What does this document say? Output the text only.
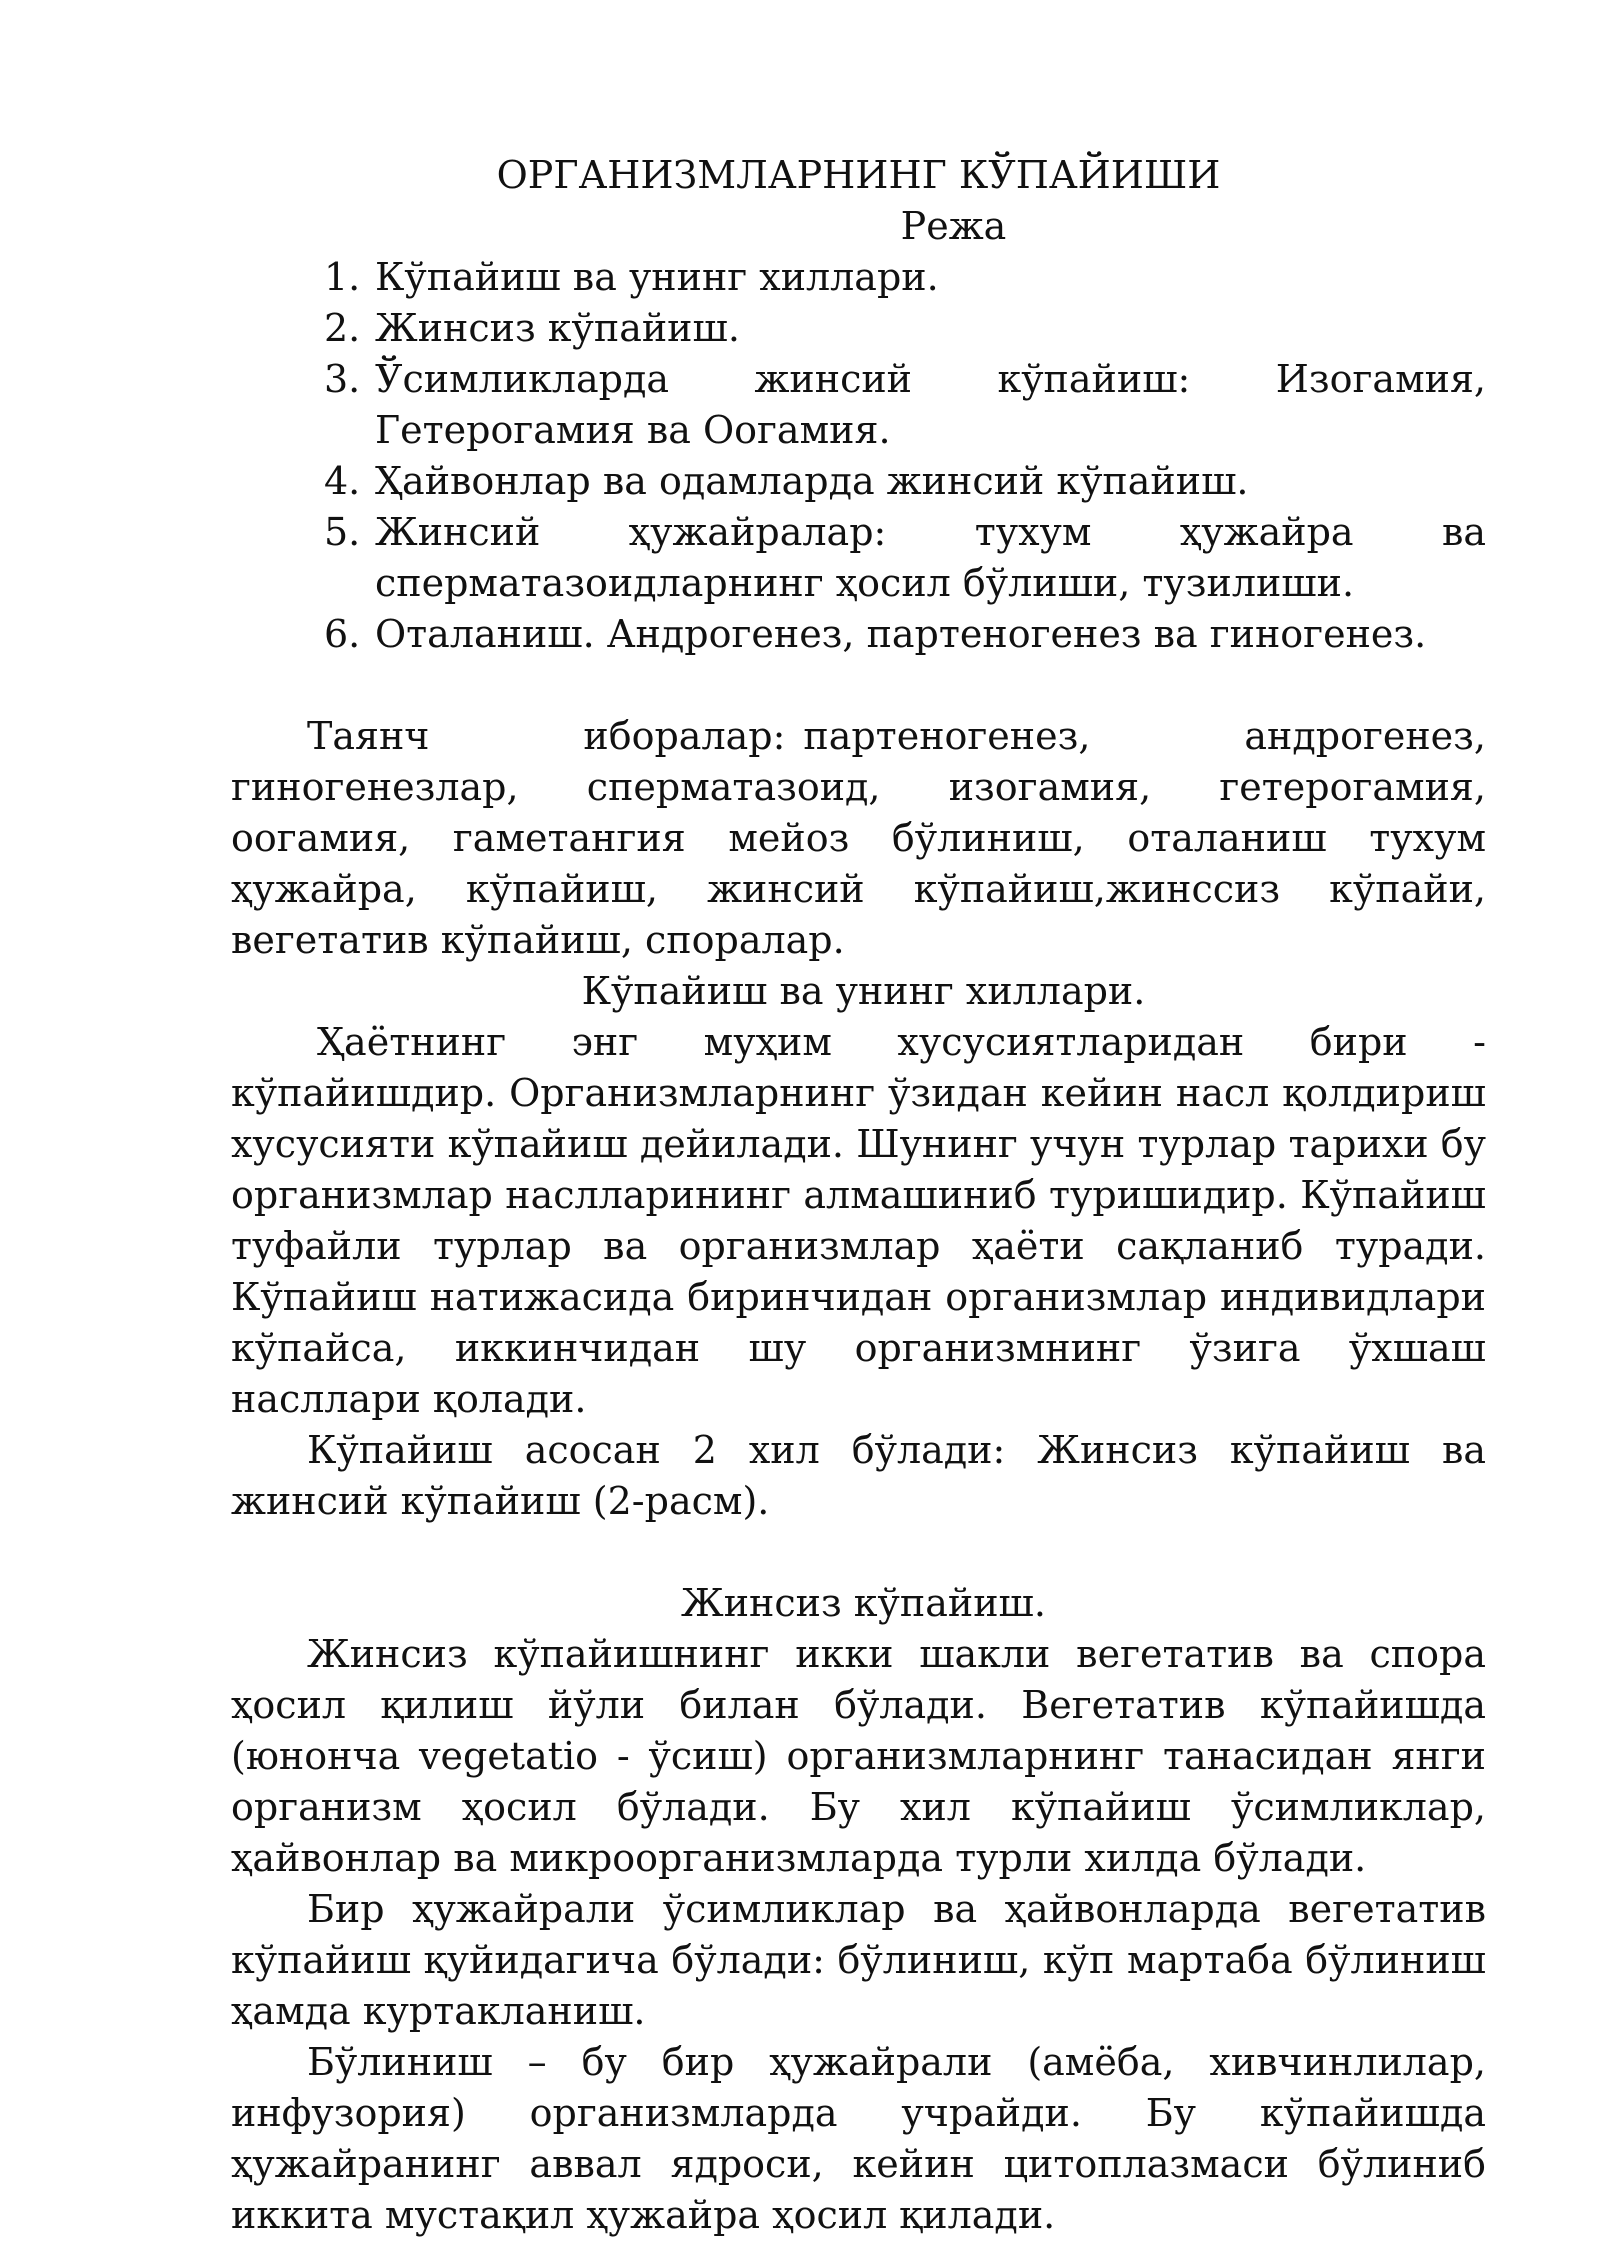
ОРГАНИЗМЛАРНИНГ КЎПАЙИШИ

Режа

1. Кўпайиш ва унинг хиллари.
2. Жинсиз кўпайиш.
3. Ўсимликларда жинсий кўпайиш: Изогамия, Гетерогамия ва Оогамия.
4. Ҳайвонлар ва одамларда жинсий кўпайиш.
5. Жинсий ҳужайралар: тухум ҳужайра ва сперматазоидларнинг ҳосил бўлиши, тузилиши.
6. Оталаниш. Андрогенез, партеногенез ва гиногенез.

Таянч иборалар: партеногенез, андрогенез, гиногенезлар, сперматазоид, изогамия, гетерогамия, оогамия, гаметангия мейоз бўлиниш, оталаниш тухум ҳужайра, кўпайиш, жинсий кўпайиш,жинссиз кўпайи, вегетатив кўпайиш, споралар.

Кўпайиш ва унинг хиллари.

Ҳаётнинг энг муҳим хусусиятларидан бири - кўпайишдир. Организмларнинг ўзидан кейин насл қолдириш хусусияти кўпайиш дейилади. Шунинг учун турлар тарихи бу организмлар наслларининг алмашиниб туришидир. Кўпайиш туфайли турлар ва организмлар ҳаёти сақланиб туради. Кўпайиш натижасида биринчидан организмлар индивидлари кўпайса, иккинчидан шу организмнинг ўзига ўхшаш насллари қолади.

Кўпайиш асосан 2 хил бўлади: Жинсиз кўпайиш ва жинсий кўпайиш (2-расм).

Жинсиз кўпайиш.

Жинсиз кўпайишнинг икки шакли вегетатив ва спора ҳосил қилиш йўли билан бўлади. Вегетатив кўпайишда (юнонча vegetatio - ўсиш) организмларнинг танасидан янги организм ҳосил бўлади. Бу хил кўпайиш ўсимликлар, ҳайвонлар ва микроорганизмларда турли хилда бўлади.

Бир ҳужайрали ўсимликлар ва ҳайвонларда вегетатив кўпайиш қуйидагича бўлади: бўлиниш, кўп мартаба бўлиниш ҳамда куртакланиш.

Бўлиниш – бу бир ҳужайрали (амёба, хивчинлилар, инфузория) организмларда учрайди. Бу кўпайишда ҳужайранинг аввал ядроси, кейин цитоплазмаси бўлиниб иккита мустақил ҳужайра ҳосил қилади.
